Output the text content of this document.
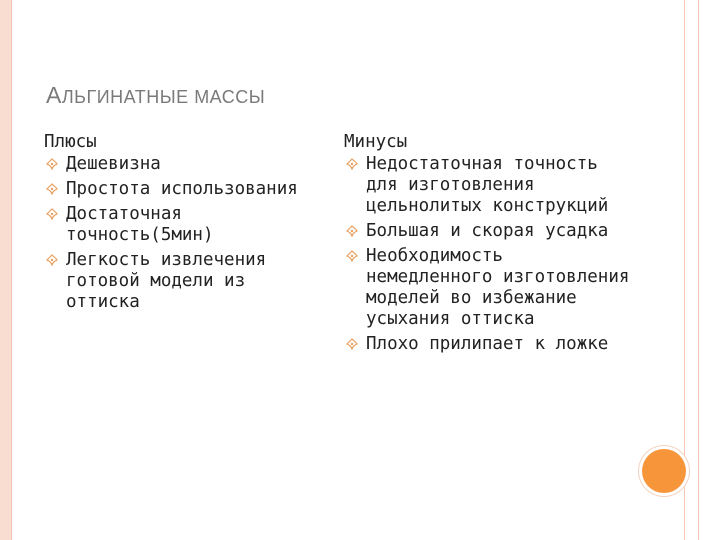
АЛЬГИНАТНЫЕ МАССЫ
Плюсы
Дешевизна
Простота использования
Достаточная точность(5мин)
Легкость извлечения готовой модели из оттиска
Минусы
Недостаточная точность для изготовления цельнолитых конструкций
Большая и скорая усадка
Необходимость немедленного изготовления моделей во избежание усыхания оттиска
Плохо прилипает к ложке
